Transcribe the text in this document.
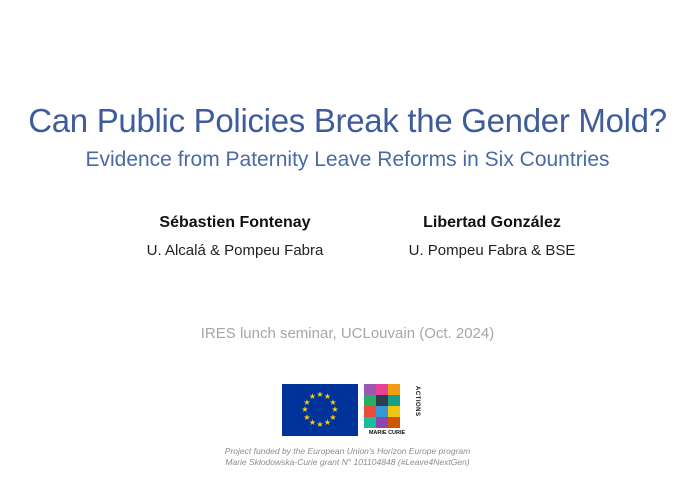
Can Public Policies Break the Gender Mold?
Evidence from Paternity Leave Reforms in Six Countries
Sébastien Fontenay
U. Alcalá & Pompeu Fabra
Libertad González
U. Pompeu Fabra & BSE
IRES lunch seminar, UCLouvain (Oct. 2024)
★ ★
★
★
★
★
★
★
★
★
★
★
MARIE CURIE
ACTIONS
Project funded by the European Union's Horizon Europe program
Marie Skłodowska-Curie grant N° 101104848 (#Leave4NextGen)
